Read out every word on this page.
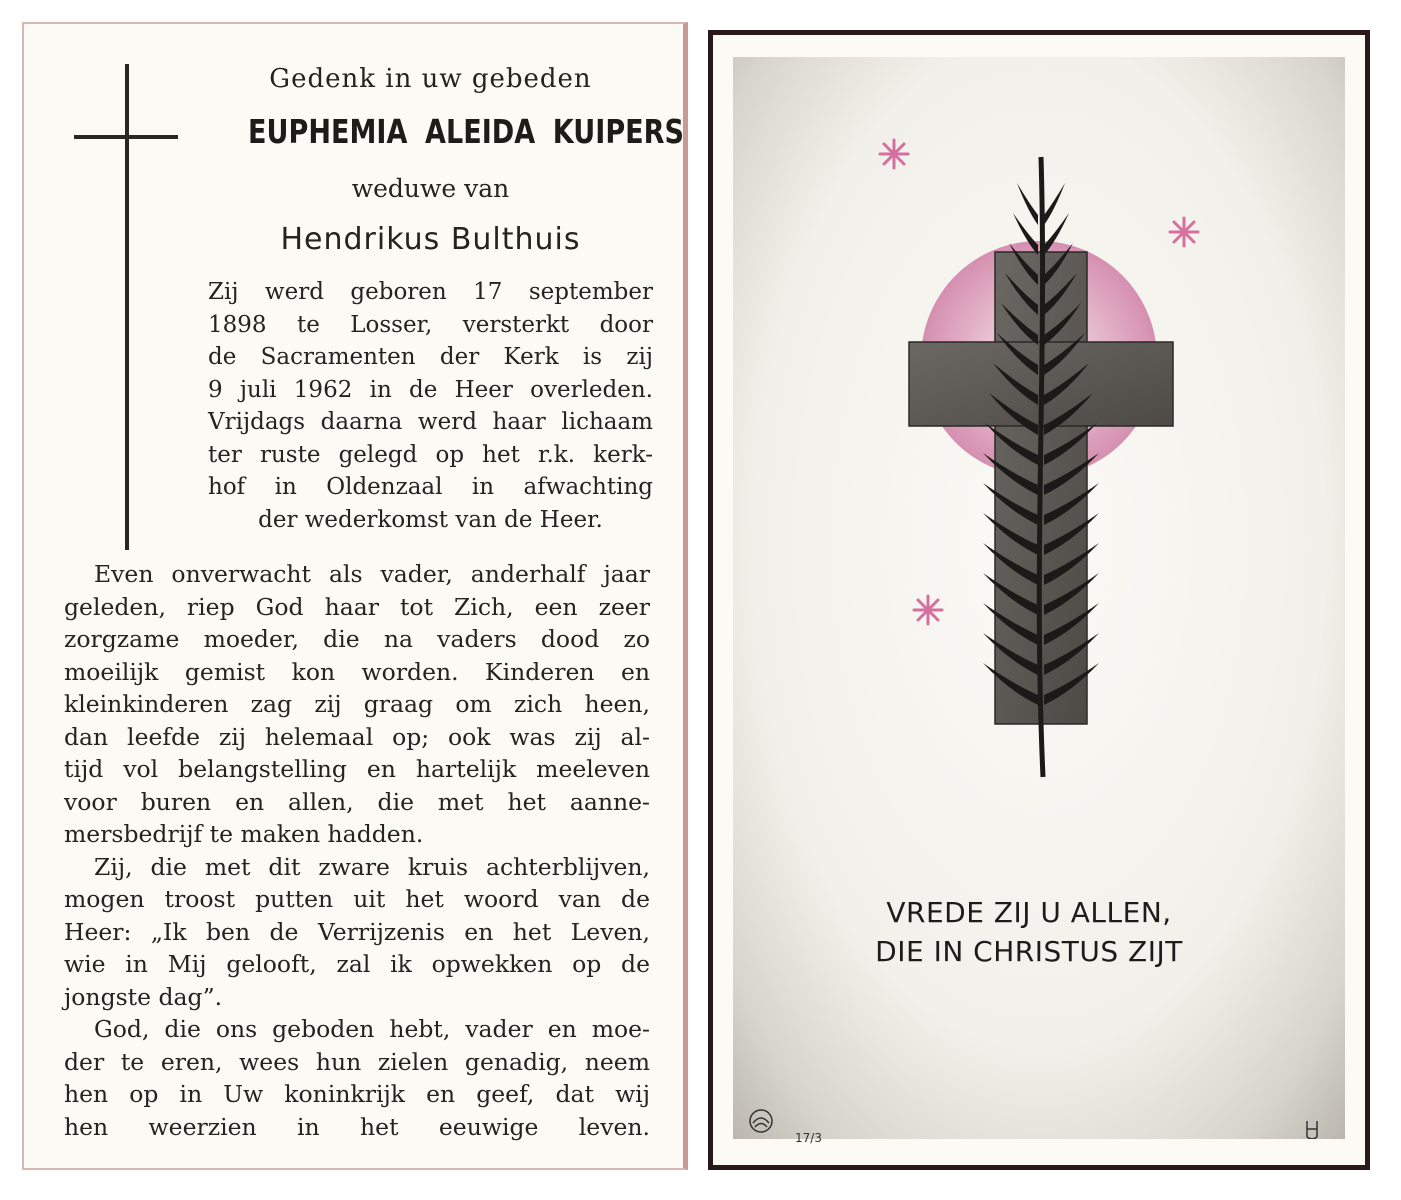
Gedenk in uw gebeden
EUPHEMIA ALEIDA KUIPERS
weduwe van
Hendrikus Bulthuis
Zij werd geboren 17 september
1898 te Losser, versterkt door
de Sacramenten der Kerk is zij
9 juli 1962 in de Heer overleden.
Vrijdags daarna werd haar lichaam
ter ruste gelegd op het r.k. kerk-
hof in Oldenzaal in afwachting
der wederkomst van de Heer.
Even onverwacht als vader, anderhalf jaar
geleden, riep God haar tot Zich, een zeer
zorgzame moeder, die na vaders dood zo
moeilijk gemist kon worden. Kinderen en
kleinkinderen zag zij graag om zich heen,
dan leefde zij helemaal op; ook was zij al-
tijd vol belangstelling en hartelijk meeleven
voor buren en allen, die met het aanne-
mersbedrijf te maken hadden.
Zij, die met dit zware kruis achterblijven,
mogen troost putten uit het woord van de
Heer: „Ik ben de Verrijzenis en het Leven,
wie in Mij gelooft, zal ik opwekken op de
jongste dag”.
God, die ons geboden hebt, vader en moe-
der te eren, wees hun zielen genadig, neem
hen op in Uw koninkrijk en geef, dat wij
hen weerzien in het eeuwige leven.
VREDE ZIJ U ALLEN,
DIE IN CHRISTUS ZIJT
17/3
